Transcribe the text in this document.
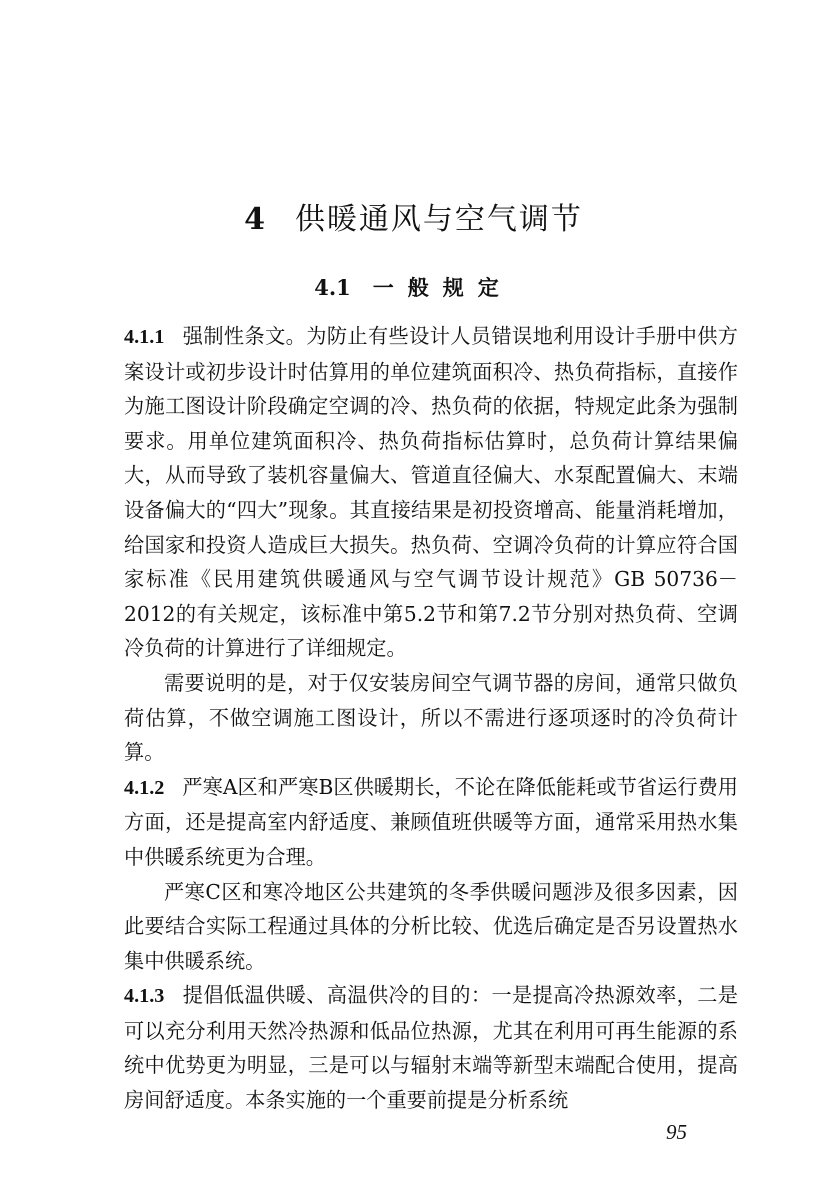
4 供暖通风与空气调节
4.1 一般规定

4.1.1 强制性条文。为防止有些设计人员错误地利用设计手册中供方案设计或初步设计时估算用的单位建筑面积冷、热负荷指标，直接作为施工图设计阶段确定空调的冷、热负荷的依据，特规定此条为强制要求。用单位建筑面积冷、热负荷指标估算时，总负荷计算结果偏大，从而导致了装机容量偏大、管道直径偏大、水泵配置偏大、末端设备偏大的“四大”现象。其直接结果是初投资增高、能量消耗增加，给国家和投资人造成巨大损失。热负荷、空调冷负荷的计算应符合国家标准《民用建筑供暖通风与空气调节设计规范》GB 50736－2012的有关规定，该标准中第5.2节和第7.2节分别对热负荷、空调冷负荷的计算进行了详细规定。

需要说明的是，对于仅安装房间空气调节器的房间，通常只做负荷估算，不做空调施工图设计，所以不需进行逐项逐时的冷负荷计算。

4.1.2 严寒A区和严寒B区供暖期长，不论在降低能耗或节省运行费用方面，还是提高室内舒适度、兼顾值班供暖等方面，通常采用热水集中供暖系统更为合理。

严寒C区和寒冷地区公共建筑的冬季供暖问题涉及很多因素，因此要结合实际工程通过具体的分析比较、优选后确定是否另设置热水集中供暖系统。

4.1.3 提倡低温供暖、高温供冷的目的：一是提高冷热源效率，二是可以充分利用天然冷热源和低品位热源，尤其在利用可再生能源的系统中优势更为明显，三是可以与辐射末端等新型末端配合使用，提高房间舒适度。本条实施的一个重要前提是分析系统

95
